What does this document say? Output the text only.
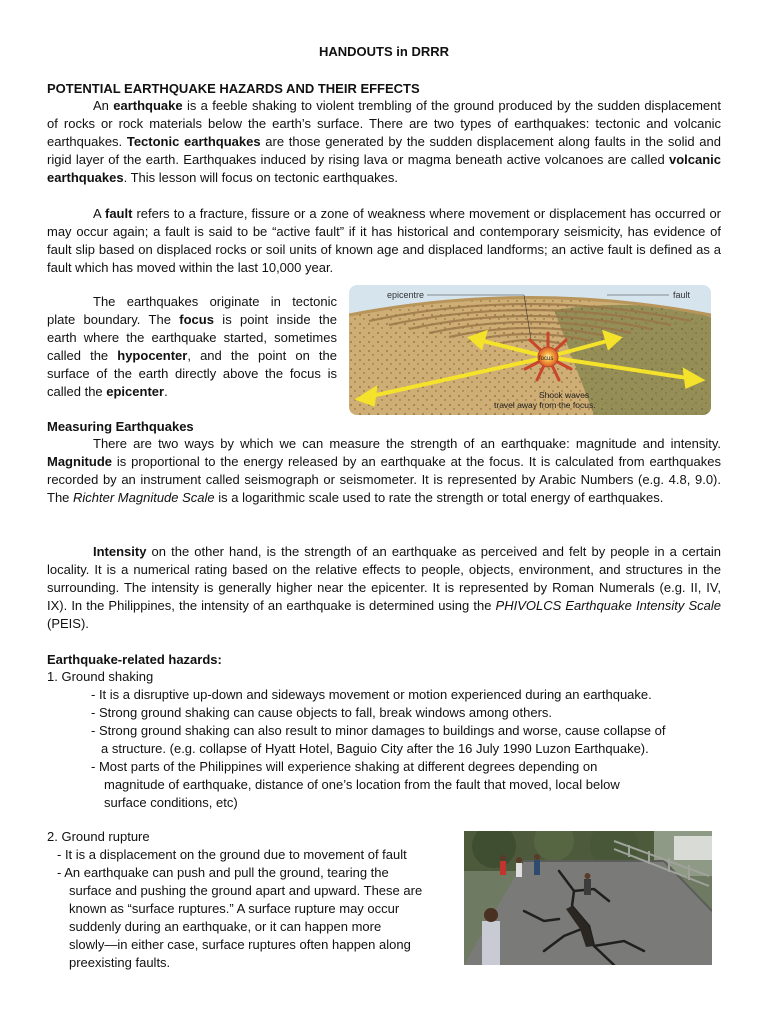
HANDOUTS in DRRR
POTENTIAL EARTHQUAKE HAZARDS AND THEIR EFFECTS

An earthquake is a feeble shaking to violent trembling of the ground produced by the sudden displacement of rocks or rock materials below the earth’s surface. There are two types of earthquakes: tectonic and volcanic earthquakes. Tectonic earthquakes are those generated by the sudden displacement along faults in the solid and rigid layer of the earth. Earthquakes induced by rising lava or magma beneath active volcanoes are called volcanic earthquakes. This lesson will focus on tectonic earthquakes.

A fault refers to a fracture, fissure or a zone of weakness where movement or displacement has occurred or may occur again; a fault is said to be “active fault” if it has historical and contemporary seismicity, has evidence of fault slip based on displaced rocks or soil units of known age and displaced landforms; an active fault is defined as a fault which has moved within the last 10,000 year.

The earthquakes originate in tectonic plate boundary. The focus is point inside the earth where the earthquake started, sometimes called the hypocenter, and the point on the surface of the earth directly above the focus is called the epicenter.

epicentre	fault
focus
Shock waves
travel away from the focus.
Measuring Earthquakes

There are two ways by which we can measure the strength of an earthquake: magnitude and intensity. Magnitude is proportional to the energy released by an earthquake at the focus. It is calculated from earthquakes recorded by an instrument called seismograph or seismometer. It is represented by Arabic Numbers (e.g. 4.8, 9.0). The Richter Magnitude Scale is a logarithmic scale used to rate the strength or total energy of earthquakes.

Intensity on the other hand, is the strength of an earthquake as perceived and felt by people in a certain locality. It is a numerical rating based on the relative effects to people, objects, environment, and structures in the surrounding. The intensity is generally higher near the epicenter. It is represented by Roman Numerals (e.g. II, IV, IX). In the Philippines, the intensity of an earthquake is determined using the PHIVOLCS Earthquake Intensity Scale (PEIS).

Earthquake-related hazards:
1. Ground shaking

- It is a disruptive up-down and sideways movement or motion experienced during an earthquake.

- Strong ground shaking can cause objects to fall, break windows among others.

- Strong ground shaking can also result to minor damages to buildings and worse, cause collapse of

a structure. (e.g. collapse of Hyatt Hotel, Baguio City after the 16 July 1990 Luzon Earthquake).

- Most parts of the Philippines will experience shaking at different degrees depending on

magnitude of earthquake, distance of one’s location from the fault that moved, local below

surface conditions, etc)

2. Ground rupture

- It is a displacement on the ground due to movement of fault

- An earthquake can push and pull the ground, tearing the

surface and pushing the ground apart and upward. These are

known as “surface ruptures.” A surface rupture may occur

suddenly during an earthquake, or it can happen more

slowly—in either case, surface ruptures often happen along

preexisting faults.
